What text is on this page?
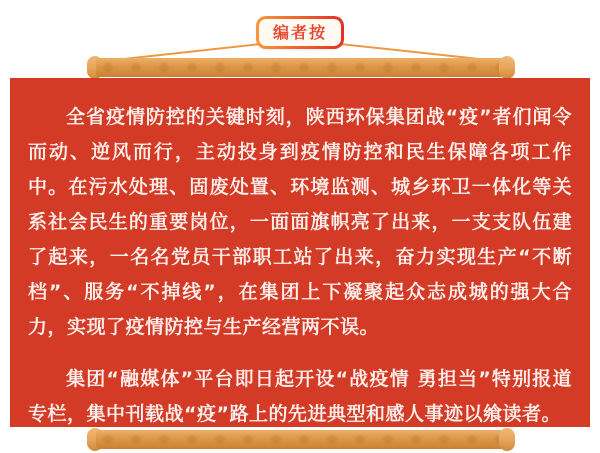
全省疫情防控的关键时刻，陕西环保集团战“疫”者们闻令而动、逆风而行，主动投身到疫情防控和民生保障各项工作中。在污水处理、固废处置、环境监测、城乡环卫一体化等关系社会民生的重要岗位，一面面旗帜亮了出来，一支支队伍建了起来，一名名党员干部职工站了出来，奋力实现生产“不断档”、服务“不掉线”，在集团上下凝聚起众志成城的强大合力，实现了疫情防控与生产经营两不误。

集团“融媒体”平台即日起开设“战疫情 勇担当”特别报道专栏，集中刊载战“疫”路上的先进典型和感人事迹以飨读者。

编者按
